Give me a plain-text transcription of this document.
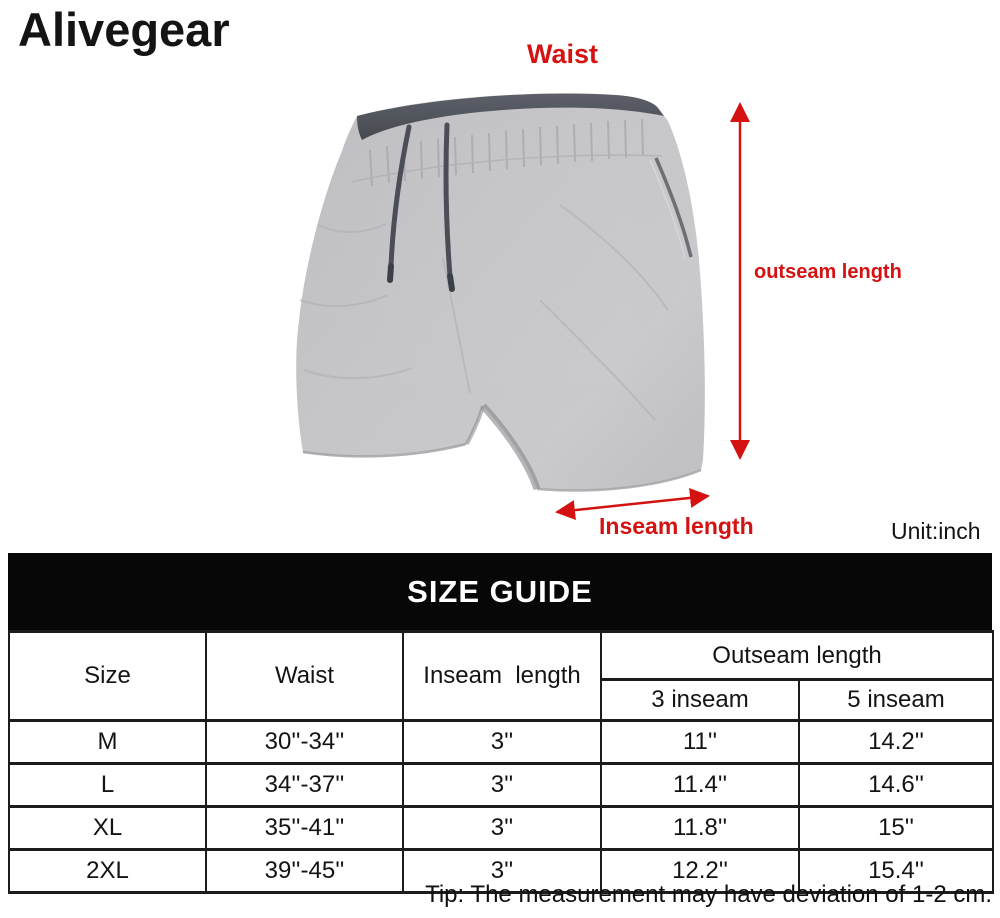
Alivegear	Waist
outseam length
Inseam length	Unit:inch
SIZE GUIDE
Size	Waist	Inseam  length	Outseam length	
			3 inseam	5 inseam
M	30''-34''	3''	11''	14.2''
L	34''-37''	3''	11.4''	14.6''
XL	35''-41''	3''	11.8''	15''
2XL	39''-45''	3''	12.2''	15.4''
Tip: The measurement may have deviation of 1-2 cm.
